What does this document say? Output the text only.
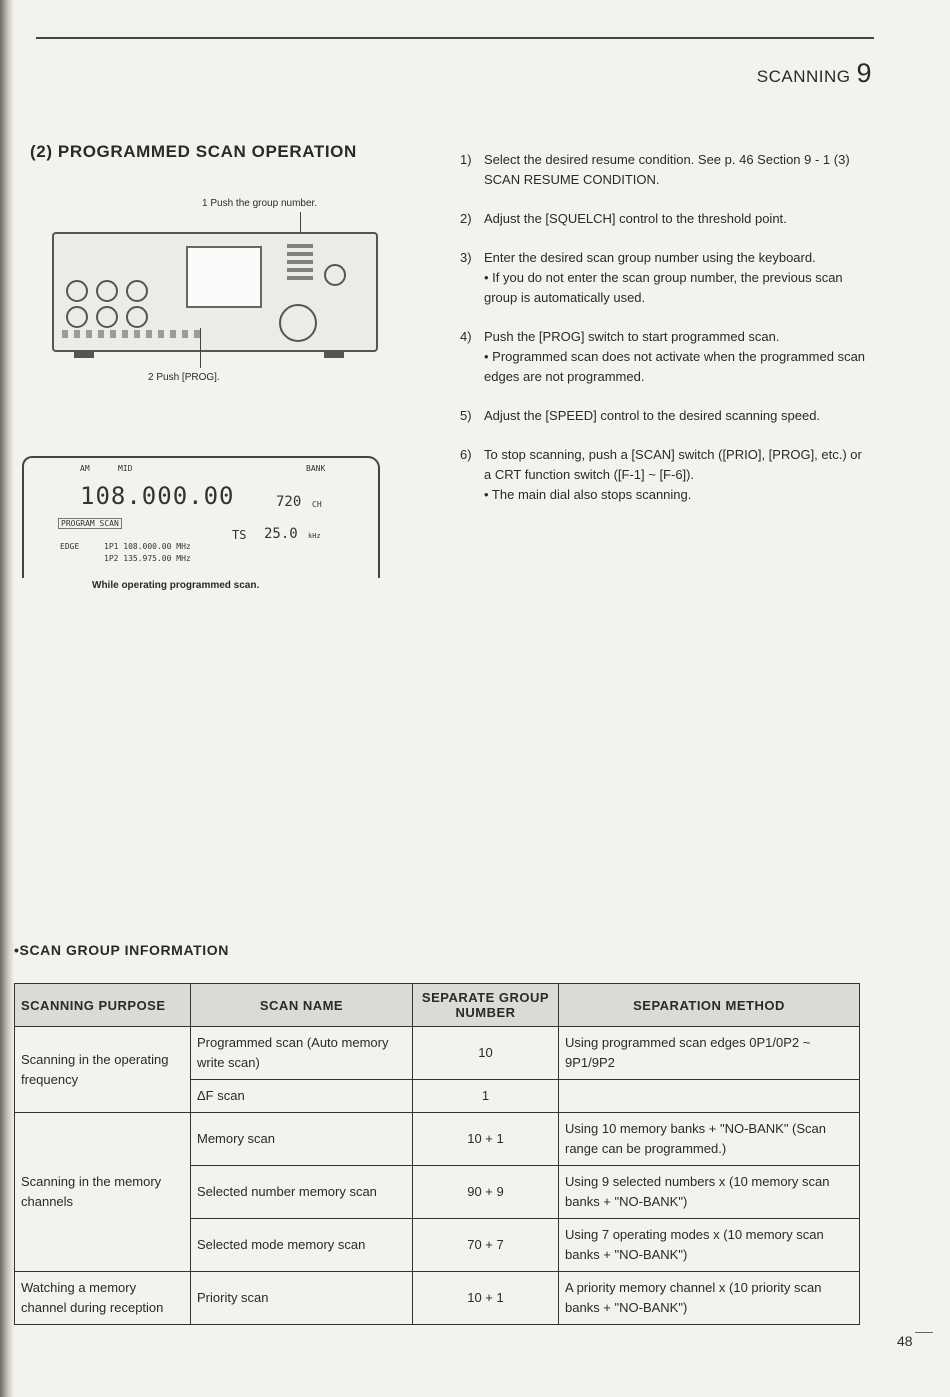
SCANNING 9
(2) PROGRAMMED SCAN OPERATION
1 Push the group number.
2 Push [PROG].
AM	MID	BANK
108.000.00	720 CH
PROGRAM SCAN
TS 25.0 kHz
EDGE	1P1 108.000.00 MHz
1P2 135.975.00 MHz
While operating programmed scan.
1) Select the desired resume condition. See p. 46 Section 9 - 1 (3) SCAN RESUME CONDITION.
2) Adjust the [SQUELCH] control to the threshold point.
3) Enter the desired scan group number using the keyboard.
• If you do not enter the scan group number, the previous scan group is automatically used.
4) Push the [PROG] switch to start programmed scan.
• Programmed scan does not activate when the programmed scan edges are not programmed.
5) Adjust the [SPEED] control to the desired scanning speed.
6) To stop scanning, push a [SCAN] switch ([PRIO], [PROG], etc.) or a CRT function switch ([F-1] ~ [F-6]).
• The main dial also stops scanning.
•SCAN GROUP INFORMATION
SCANNING PURPOSE	SCAN NAME	SEPARATE GROUP NUMBER	SEPARATION METHOD
Scanning in the operating frequency	Programmed scan (Auto memory write scan)	10	Using programmed scan edges 0P1/0P2 ~ 9P1/9P2
	ΔF scan	1	
Scanning in the memory channels	Memory scan	10 + 1	Using 10 memory banks + "NO-BANK" (Scan range can be programmed.)
	Selected number memory scan	90 + 9	Using 9 selected numbers x (10 memory scan banks + "NO-BANK")
	Selected mode memory scan	70 + 7	Using 7 operating modes x (10 memory scan banks + "NO-BANK")
Watching a memory channel during reception	Priority scan	10 + 1	A priority memory channel x (10 priority scan banks + "NO-BANK")
48
